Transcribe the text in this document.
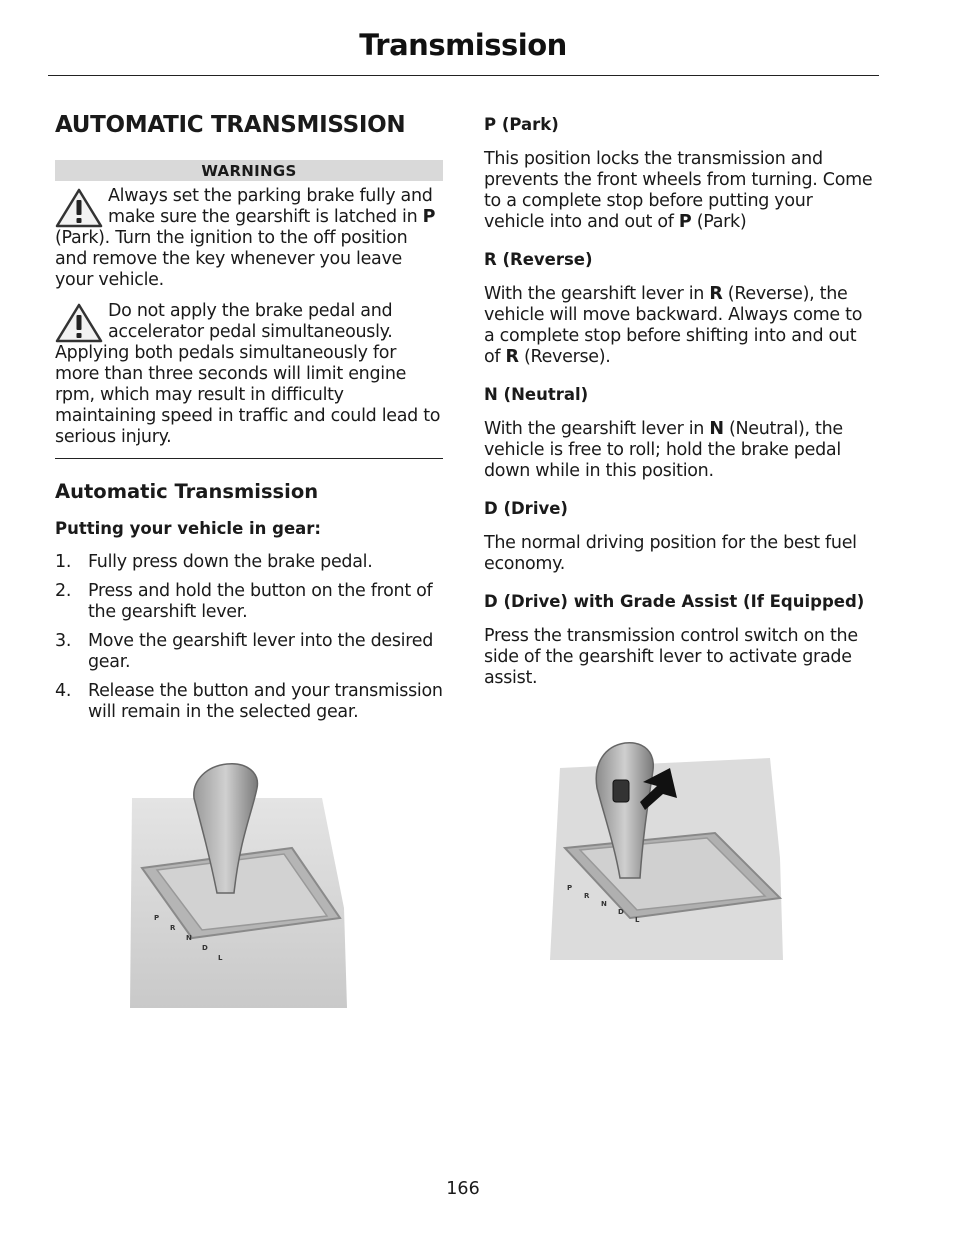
Transmission
AUTOMATIC TRANSMISSION
WARNINGS
Always set the parking brake fully and make sure the gearshift is latched in P (Park). Turn the ignition to the off position and remove the key whenever you leave your vehicle.
Do not apply the brake pedal and accelerator pedal simultaneously. Applying both pedals simultaneously for more than three seconds will limit engine rpm, which may result in difficulty maintaining speed in traffic and could lead to serious injury.
Automatic Transmission
Putting your vehicle in gear:
1. Fully press down the brake pedal.
2. Press and hold the button on the front of the gearshift lever.
3. Move the gearshift lever into the desired gear.
4. Release the button and your transmission will remain in the selected gear.
P (Park)
This position locks the transmission and prevents the front wheels from turning. Come to a complete stop before putting your vehicle into and out of P (Park)
R (Reverse)
With the gearshift lever in R (Reverse), the vehicle will move backward. Always come to a complete stop before shifting into and out of R (Reverse).
N (Neutral)
With the gearshift lever in N (Neutral), the vehicle is free to roll; hold the brake pedal down while in this position.
D (Drive)
The normal driving position for the best fuel economy.
D (Drive) with Grade Assist (If Equipped)
Press the transmission control switch on the side of the gearshift lever to activate grade assist.
P
R
N
D
L
P
R
N
D
L
166
